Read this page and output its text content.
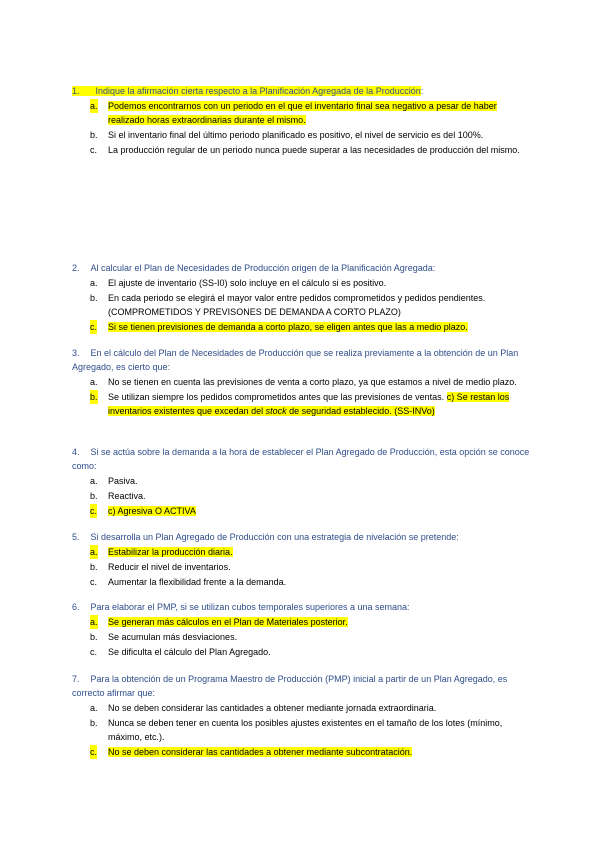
1. Indique la afirmación cierta respecto a la Planificación Agregada de la Producción:
a. Podemos encontrarnos con un periodo en el que el inventario final sea negativo a pesar de haber realizado horas extraordinarias durante el mismo.
b. Si el inventario final del último periodo planificado es positivo, el nivel de servicio es del 100%.
c. La producción regular de un periodo nunca puede superar a las necesidades de producción del mismo.
2. Al calcular el Plan de Necesidades de Producción origen de la Planificación Agregada:
a. El ajuste de inventario (SS-I0) solo incluye en el cálculo si es positivo.
b. En cada periodo se elegirá el mayor valor entre pedidos comprometidos y pedidos pendientes. (COMPROMETIDOS Y PREVISONES DE DEMANDA A CORTO PLAZO)
c. Si se tienen previsiones de demanda a corto plazo, se eligen antes que las a medio plazo.
3. En el cálculo del Plan de Necesidades de Producción que se realiza previamente a la obtención de un Plan Agregado, es cierto que:
a. No se tienen en cuenta las previsiones de venta a corto plazo, ya que estamos a nivel de medio plazo.
b. Se utilizan siempre los pedidos comprometidos antes que las previsiones de ventas. c) Se restan los inventarios existentes que excedan del stock de seguridad establecido. (SS-INVo)
4. Si se actúa sobre la demanda a la hora de establecer el Plan Agregado de Producción, esta opción se conoce como:
a. Pasiva.
b. Reactiva.
c. c) Agresiva O ACTIVA
5. Si desarrolla un Plan Agregado de Producción con una estrategia de nivelación se pretende:
a. Estabilizar la producción diaria.
b. Reducir el nivel de inventarios.
c. Aumentar la flexibilidad frente a la demanda.
6. Para elaborar el PMP, si se utilizan cubos temporales superiores a una semana:
a. Se generan más cálculos en el Plan de Materiales posterior.
b. Se acumulan más desviaciones.
c. Se dificulta el cálculo del Plan Agregado.
7. Para la obtención de un Programa Maestro de Producción (PMP) inicial a partir de un Plan Agregado, es correcto afirmar que:
a. No se deben considerar las cantidades a obtener mediante jornada extraordinaria.
b. Nunca se deben tener en cuenta los posibles ajustes existentes en el tamaño de los lotes (mínimo, máximo, etc.).
c. No se deben considerar las cantidades a obtener mediante subcontratación.
